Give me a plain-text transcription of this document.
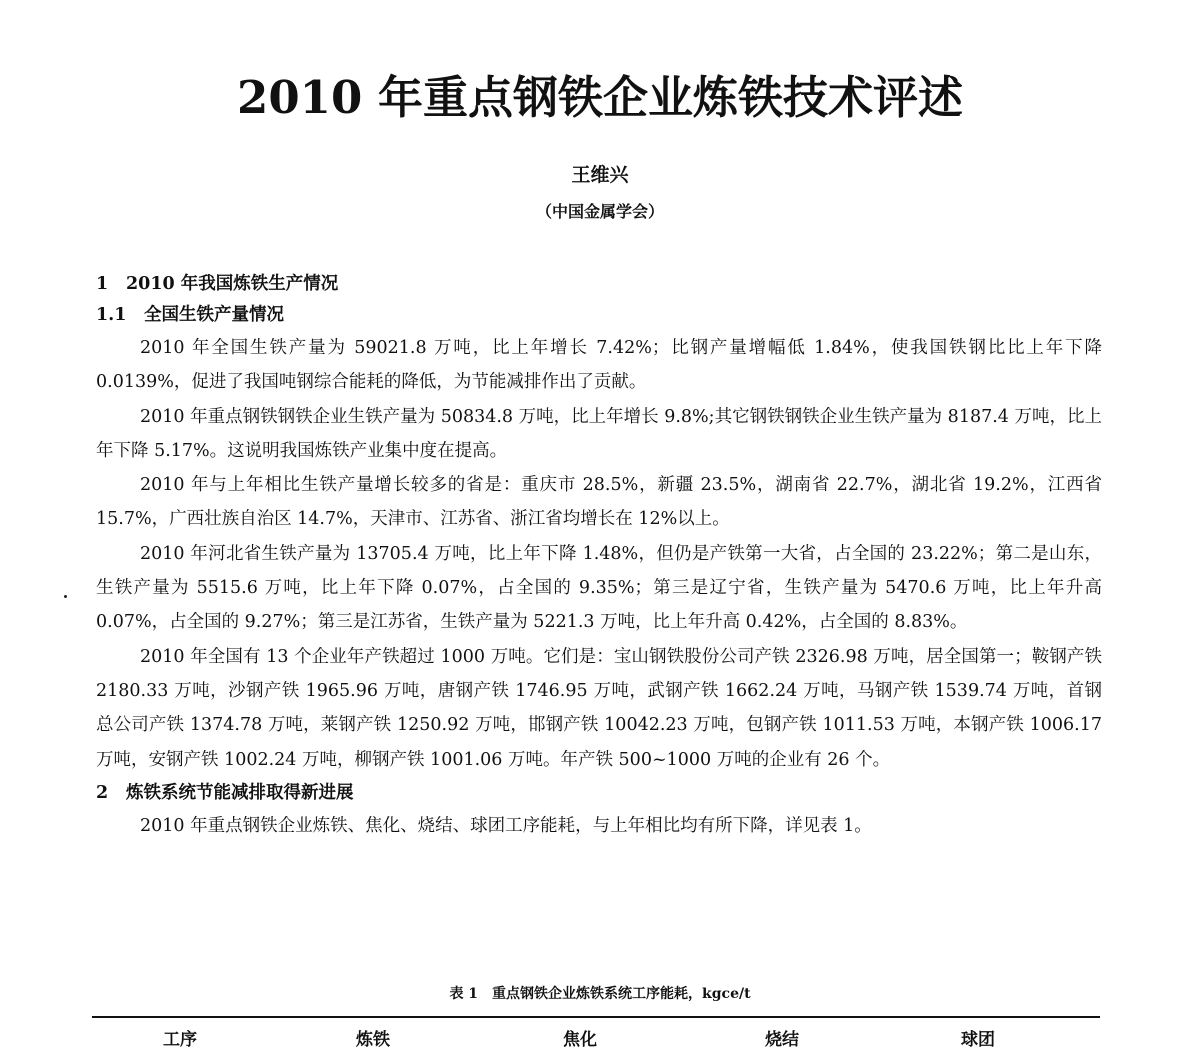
2010 年重点钢铁企业炼铁技术评述
王维兴
（中国金属学会）
1 2010 年我国炼铁生产情况
1.1 全国生铁产量情况

2010 年全国生铁产量为 59021.8 万吨，比上年增长 7.42%；比钢产量增幅低 1.84%，使我国铁钢比比上年下降 0.0139%，促进了我国吨钢综合能耗的降低，为节能减排作出了贡献。

2010 年重点钢铁钢铁企业生铁产量为 50834.8 万吨，比上年增长 9.8%;其它钢铁钢铁企业生铁产量为 8187.4 万吨，比上年下降 5.17%。这说明我国炼铁产业集中度在提高。

2010 年与上年相比生铁产量增长较多的省是：重庆市 28.5%，新疆 23.5%，湖南省 22.7%，湖北省 19.2%，江西省 15.7%，广西壮族自治区 14.7%，天津市、江苏省、浙江省均增长在 12%以上。

2010 年河北省生铁产量为 13705.4 万吨，比上年下降 1.48%，但仍是产铁第一大省，占全国的 23.22%；第二是山东，生铁产量为 5515.6 万吨，比上年下降 0.07%，占全国的 9.35%；第三是辽宁省，生铁产量为 5470.6 万吨，比上年升高 0.07%，占全国的 9.27%；第三是江苏省，生铁产量为 5221.3 万吨，比上年升高 0.42%，占全国的 8.83%。

2010 年全国有 13 个企业年产铁超过 1000 万吨。它们是：宝山钢铁股份公司产铁 2326.98 万吨，居全国第一；鞍钢产铁 2180.33 万吨，沙钢产铁 1965.96 万吨，唐钢产铁 1746.95 万吨，武钢产铁 1662.24 万吨，马钢产铁 1539.74 万吨，首钢总公司产铁 1374.78 万吨，莱钢产铁 1250.92 万吨，邯钢产铁 10042.23 万吨，包钢产铁 1011.53 万吨，本钢产铁 1006.17 万吨，安钢产铁 1002.24 万吨，柳钢产铁 1001.06 万吨。年产铁 500~1000 万吨的企业有 26 个。

2 炼铁系统节能减排取得新进展

2010 年重点钢铁企业炼铁、焦化、烧结、球团工序能耗，与上年相比均有所下降，详见表 1。

表 1　重点钢铁企业炼铁系统工序能耗，kgce/t
工序	炼铁	焦化	烧结	球团
